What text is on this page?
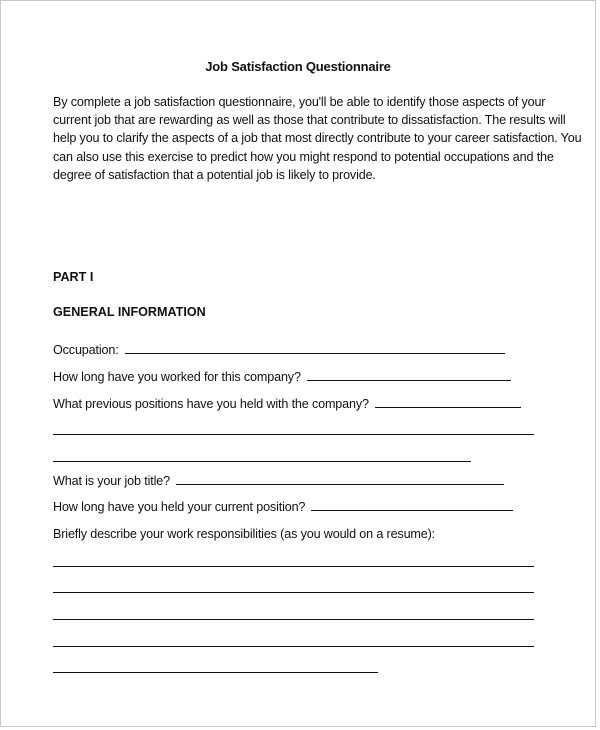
Job Satisfaction Questionnaire
By complete a job satisfaction questionnaire, you'll be able to identify those aspects of your
current job that are rewarding as well as those that contribute to dissatisfaction. The results will
help you to clarify the aspects of a job that most directly contribute to your career satisfaction. You
can also use this exercise to predict how you might respond to potential occupations and the
degree of satisfaction that a potential job is likely to provide.
PART I
GENERAL INFORMATION
Occupation:
How long have you worked for this company?
What previous positions have you held with the company?
What is your job title?
How long have you held your current position?
Briefly describe your work responsibilities (as you would on a resume):
